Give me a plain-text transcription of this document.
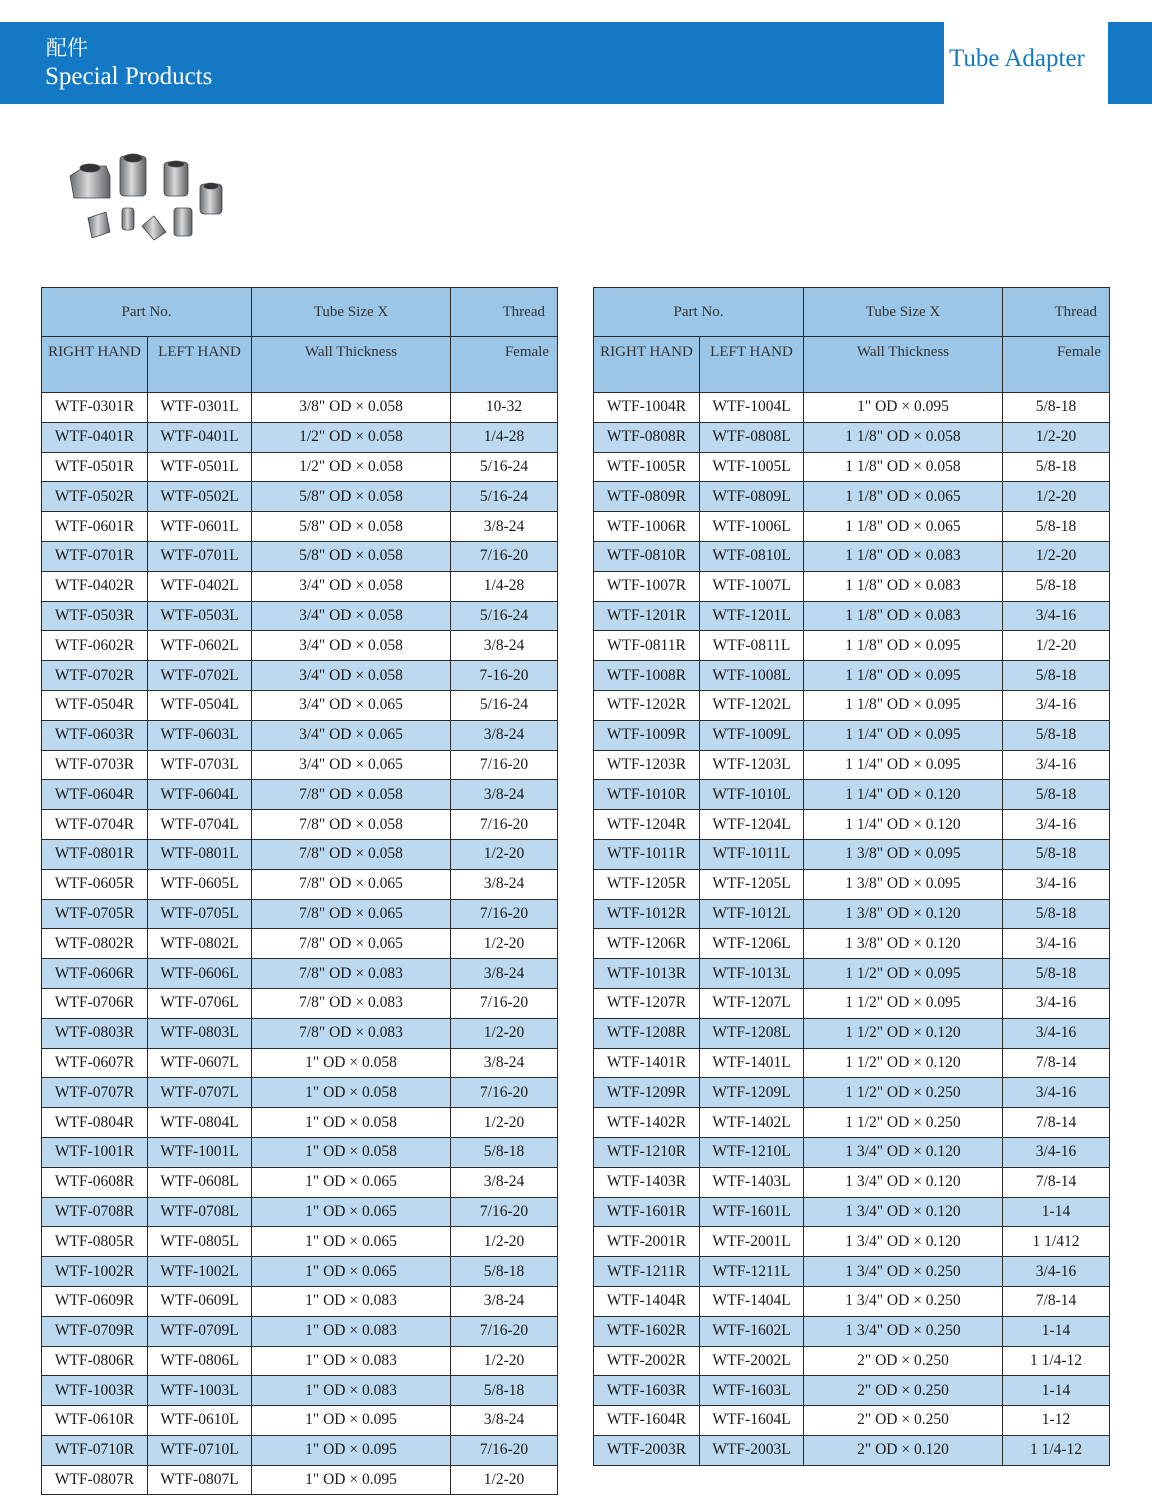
配件
Special Products
Tube Adapter
Part No.		Tube Size X	Thread
RIGHT HAND	LEFT HAND	Wall Thickness	Female
WTF-0301R	WTF-0301L	3/8" OD × 0.058	10-32
WTF-0401R	WTF-0401L	1/2" OD × 0.058	1/4-28
WTF-0501R	WTF-0501L	1/2" OD × 0.058	5/16-24
WTF-0502R	WTF-0502L	5/8" OD × 0.058	5/16-24
WTF-0601R	WTF-0601L	5/8" OD × 0.058	3/8-24
WTF-0701R	WTF-0701L	5/8" OD × 0.058	7/16-20
WTF-0402R	WTF-0402L	3/4" OD × 0.058	1/4-28
WTF-0503R	WTF-0503L	3/4" OD × 0.058	5/16-24
WTF-0602R	WTF-0602L	3/4" OD × 0.058	3/8-24
WTF-0702R	WTF-0702L	3/4" OD × 0.058	7-16-20
WTF-0504R	WTF-0504L	3/4" OD × 0.065	5/16-24
WTF-0603R	WTF-0603L	3/4" OD × 0.065	3/8-24
WTF-0703R	WTF-0703L	3/4" OD × 0.065	7/16-20
WTF-0604R	WTF-0604L	7/8" OD × 0.058	3/8-24
WTF-0704R	WTF-0704L	7/8" OD × 0.058	7/16-20
WTF-0801R	WTF-0801L	7/8" OD × 0.058	1/2-20
WTF-0605R	WTF-0605L	7/8" OD × 0.065	3/8-24
WTF-0705R	WTF-0705L	7/8" OD × 0.065	7/16-20
WTF-0802R	WTF-0802L	7/8" OD × 0.065	1/2-20
WTF-0606R	WTF-0606L	7/8" OD × 0.083	3/8-24
WTF-0706R	WTF-0706L	7/8" OD × 0.083	7/16-20
WTF-0803R	WTF-0803L	7/8" OD × 0.083	1/2-20
WTF-0607R	WTF-0607L	1" OD × 0.058	3/8-24
WTF-0707R	WTF-0707L	1" OD × 0.058	7/16-20
WTF-0804R	WTF-0804L	1" OD × 0.058	1/2-20
WTF-1001R	WTF-1001L	1" OD × 0.058	5/8-18
WTF-0608R	WTF-0608L	1" OD × 0.065	3/8-24
WTF-0708R	WTF-0708L	1" OD × 0.065	7/16-20
WTF-0805R	WTF-0805L	1" OD × 0.065	1/2-20
WTF-1002R	WTF-1002L	1" OD × 0.065	5/8-18
WTF-0609R	WTF-0609L	1" OD × 0.083	3/8-24
WTF-0709R	WTF-0709L	1" OD × 0.083	7/16-20
WTF-0806R	WTF-0806L	1" OD × 0.083	1/2-20
WTF-1003R	WTF-1003L	1" OD × 0.083	5/8-18
WTF-0610R	WTF-0610L	1" OD × 0.095	3/8-24
WTF-0710R	WTF-0710L	1" OD × 0.095	7/16-20
WTF-0807R	WTF-0807L	1" OD × 0.095	1/2-20
Part No.		Tube Size X	Thread
RIGHT HAND	LEFT HAND	Wall Thickness	Female
WTF-1004R	WTF-1004L	1" OD × 0.095	5/8-18
WTF-0808R	WTF-0808L	1 1/8" OD × 0.058	1/2-20
WTF-1005R	WTF-1005L	1 1/8" OD × 0.058	5/8-18
WTF-0809R	WTF-0809L	1 1/8" OD × 0.065	1/2-20
WTF-1006R	WTF-1006L	1 1/8" OD × 0.065	5/8-18
WTF-0810R	WTF-0810L	1 1/8" OD × 0.083	1/2-20
WTF-1007R	WTF-1007L	1 1/8" OD × 0.083	5/8-18
WTF-1201R	WTF-1201L	1 1/8" OD × 0.083	3/4-16
WTF-0811R	WTF-0811L	1 1/8" OD × 0.095	1/2-20
WTF-1008R	WTF-1008L	1 1/8" OD × 0.095	5/8-18
WTF-1202R	WTF-1202L	1 1/8" OD × 0.095	3/4-16
WTF-1009R	WTF-1009L	1 1/4" OD × 0.095	5/8-18
WTF-1203R	WTF-1203L	1 1/4" OD × 0.095	3/4-16
WTF-1010R	WTF-1010L	1 1/4" OD × 0.120	5/8-18
WTF-1204R	WTF-1204L	1 1/4" OD × 0.120	3/4-16
WTF-1011R	WTF-1011L	1 3/8" OD × 0.095	5/8-18
WTF-1205R	WTF-1205L	1 3/8" OD × 0.095	3/4-16
WTF-1012R	WTF-1012L	1 3/8" OD × 0.120	5/8-18
WTF-1206R	WTF-1206L	1 3/8" OD × 0.120	3/4-16
WTF-1013R	WTF-1013L	1 1/2" OD × 0.095	5/8-18
WTF-1207R	WTF-1207L	1 1/2" OD × 0.095	3/4-16
WTF-1208R	WTF-1208L	1 1/2" OD × 0.120	3/4-16
WTF-1401R	WTF-1401L	1 1/2" OD × 0.120	7/8-14
WTF-1209R	WTF-1209L	1 1/2" OD × 0.250	3/4-16
WTF-1402R	WTF-1402L	1 1/2" OD × 0.250	7/8-14
WTF-1210R	WTF-1210L	1 3/4" OD × 0.120	3/4-16
WTF-1403R	WTF-1403L	1 3/4" OD × 0.120	7/8-14
WTF-1601R	WTF-1601L	1 3/4" OD × 0.120	1-14
WTF-2001R	WTF-2001L	1 3/4" OD × 0.120	1 1/412
WTF-1211R	WTF-1211L	1 3/4" OD × 0.250	3/4-16
WTF-1404R	WTF-1404L	1 3/4" OD × 0.250	7/8-14
WTF-1602R	WTF-1602L	1 3/4" OD × 0.250	1-14
WTF-2002R	WTF-2002L	2" OD × 0.250	1 1/4-12
WTF-1603R	WTF-1603L	2" OD × 0.250	1-14
WTF-1604R	WTF-1604L	2" OD × 0.250	1-12
WTF-2003R	WTF-2003L	2" OD × 0.120	1 1/4-12
